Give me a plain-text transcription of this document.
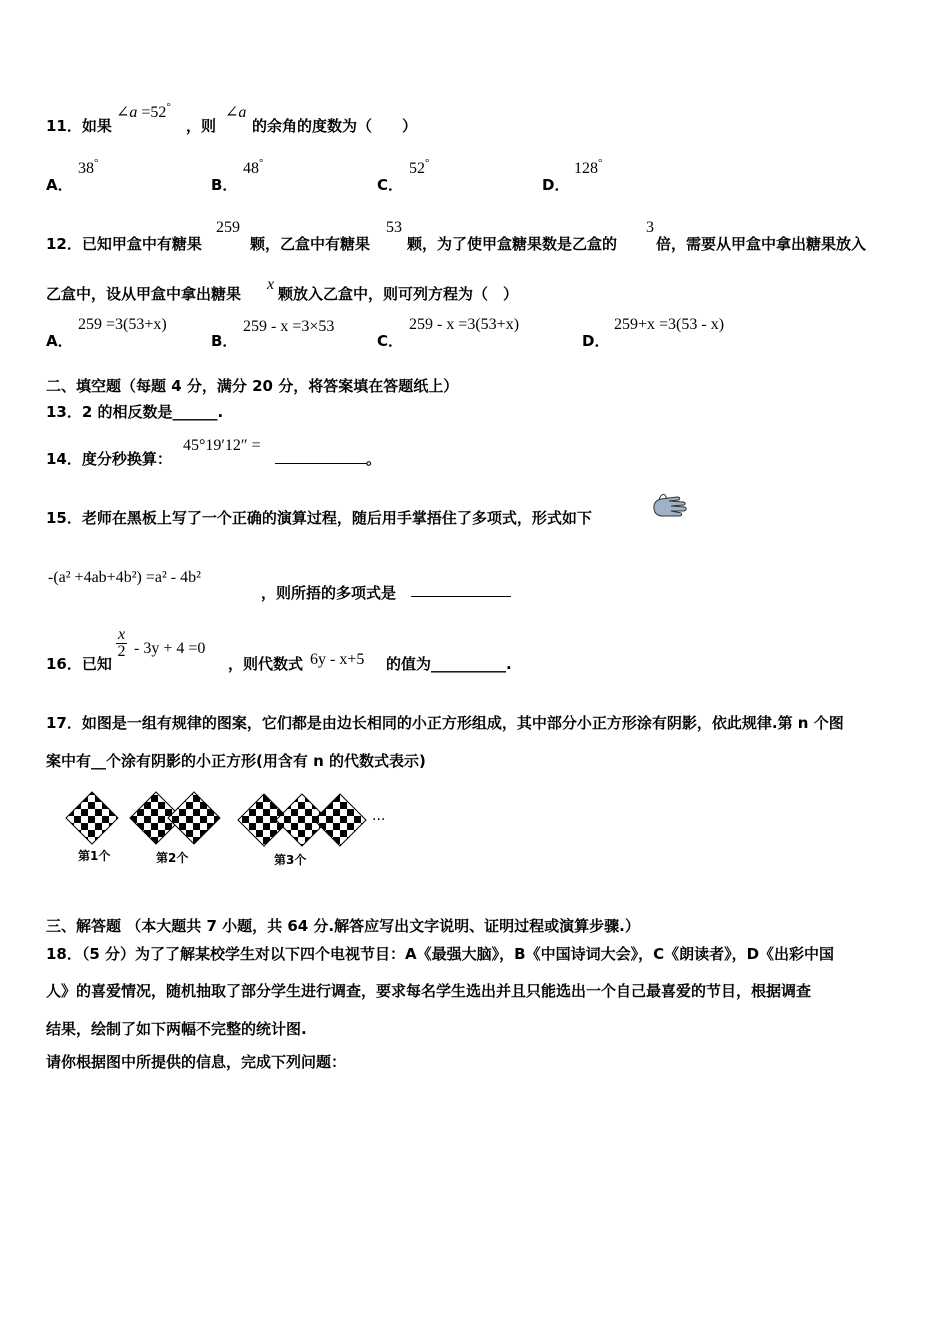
11．如果
∠a =52°
，则
∠a
的余角的度数为（　　）
A．
38°
B．
48°
C．
52°
D．
128°
12．已知甲盒中有糖果
259
颗，乙盒中有糖果
53
颗，为了使甲盒糖果数是乙盒的
3
倍，需要从甲盒中拿出糖果放入
乙盒中，设从甲盒中拿出糖果
x
颗放入乙盒中，则可列方程为（　）
A．
259 =3(53+x)
B．
259 - x =3×53
C．
259 - x =3(53+x)
D．
259+x =3(53 - x)
二、填空题（每题 4 分，满分 20 分，将答案填在答题纸上）
13．2 的相反数是______.
14．度分秒换算：
45°19′12″ =
。
15．老师在黑板上写了一个正确的演算过程，随后用手掌捂住了多项式，形式如下
-(a² +4ab+4b²) =a² - 4b²
，则所捂的多项式是
16．已知
$\frac{x}{2} - 3y + 4 =0$
，则代数式 6y - x+5 的值为__________.
17．如图是一组有规律的图案，它们都是由边长相同的小正方形组成，其中部分小正方形涂有阴影，依此规律.第 n 个图
案中有__个涂有阴影的小正方形(用含有 n 的代数式表示)
···
第1个	第2个	第3个
三、解答题 （本大题共 7 小题，共 64 分.解答应写出文字说明、证明过程或演算步骤.）
18．（5 分）为了了解某校学生对以下四个电视节目：A《最强大脑》，B《中国诗词大会》，C《朗读者》，D《出彩中国
人》的喜爱情况，随机抽取了部分学生进行调查，要求每名学生选出并且只能选出一个自己最喜爱的节目，根据调查
结果，绘制了如下两幅不完整的统计图.
请你根据图中所提供的信息，完成下列问题：
